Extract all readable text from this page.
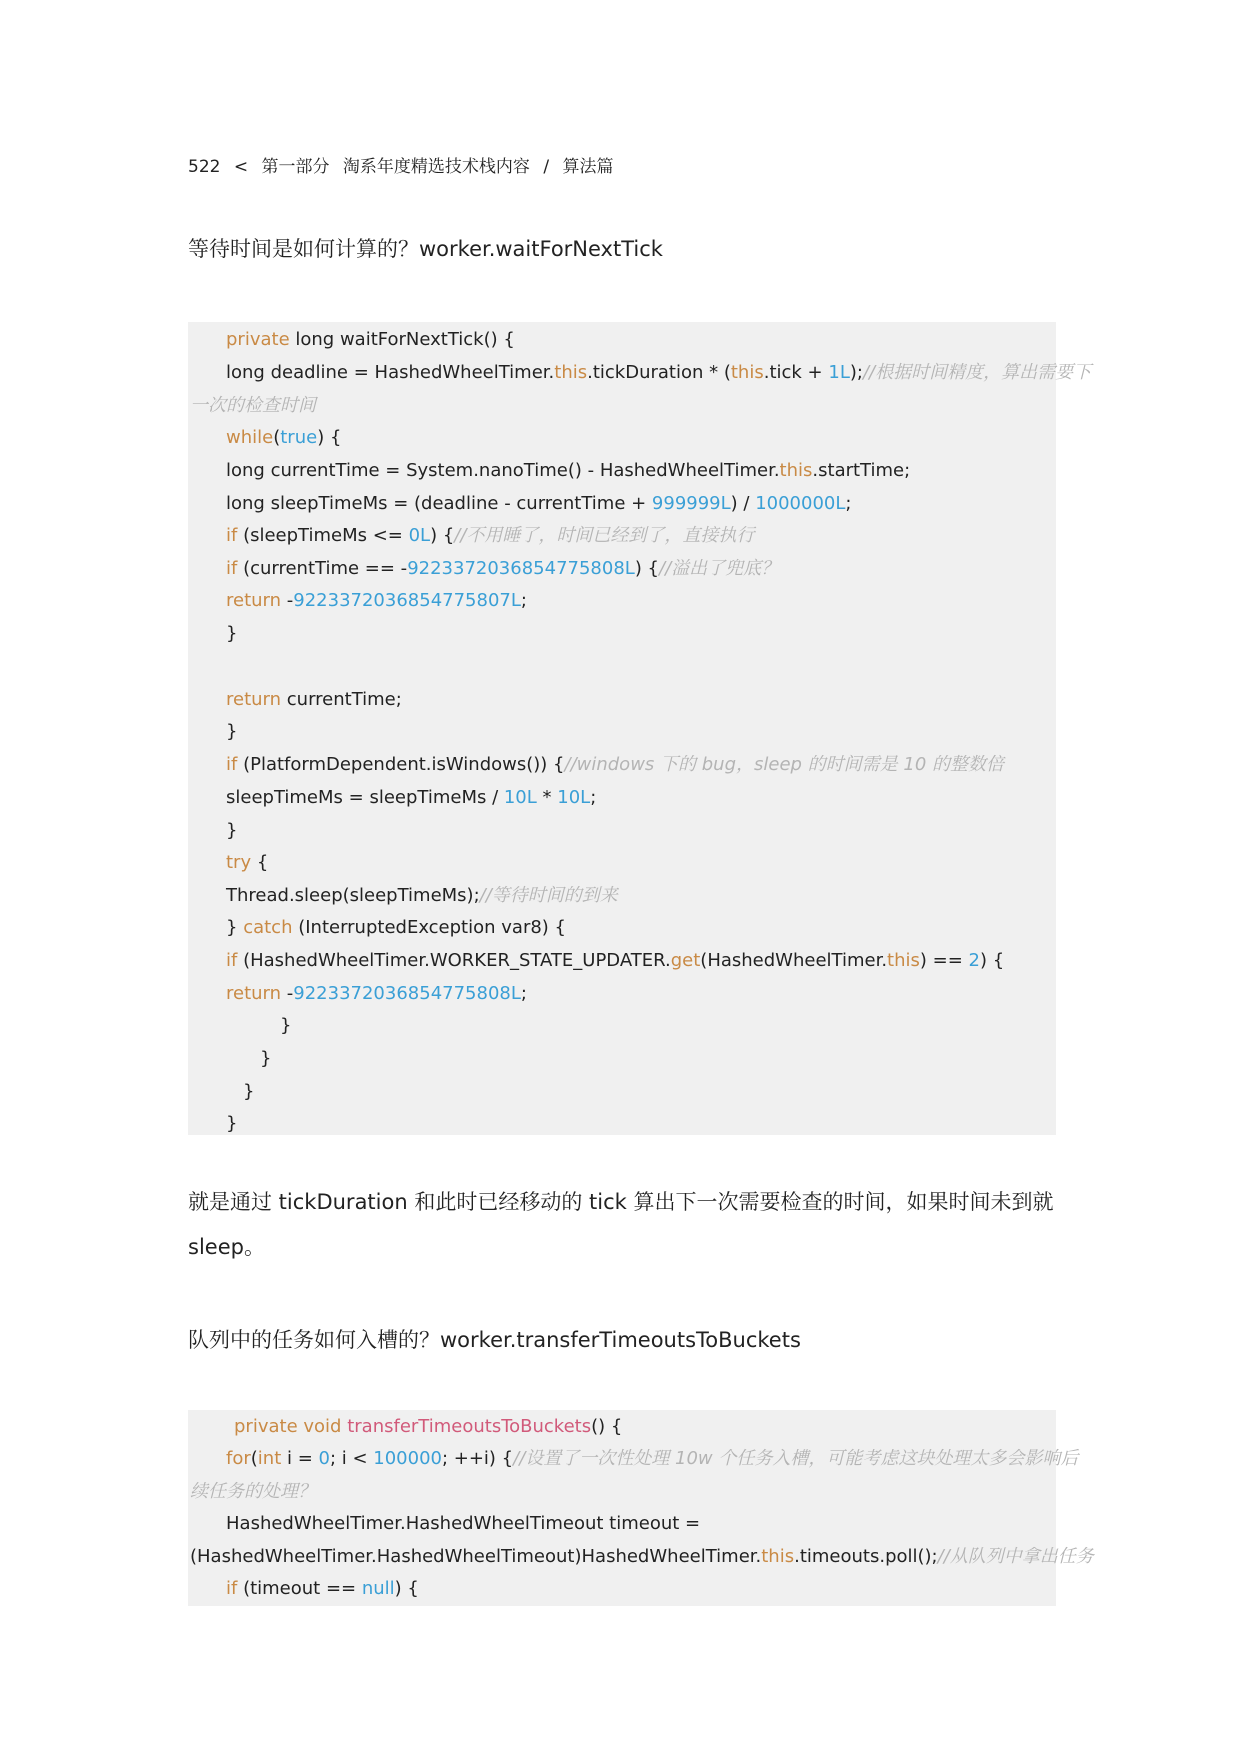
522 < 第一部分 淘系年度精选技术栈内容 / 算法篇
等待时间是如何计算的？worker.waitForNextTick
private long waitForNextTick() {
long deadline = HashedWheelTimer.this.tickDuration * (this.tick + 1L);//根据时间精度，算出需要下
一次的检查时间
while(true) {
long currentTime = System.nanoTime() - HashedWheelTimer.this.startTime;
long sleepTimeMs = (deadline - currentTime + 999999L) / 1000000L;
if (sleepTimeMs <= 0L) {//不用睡了，时间已经到了，直接执行
if (currentTime == -9223372036854775808L) {//溢出了兜底？
return -9223372036854775807L;
}
return currentTime;
}
if (PlatformDependent.isWindows()) {//windows 下的 bug，sleep 的时间需是 10 的整数倍
sleepTimeMs = sleepTimeMs / 10L * 10L;
}
try {
Thread.sleep(sleepTimeMs);//等待时间的到来
} catch (InterruptedException var8) {
if (HashedWheelTimer.WORKER_STATE_UPDATER.get(HashedWheelTimer.this) == 2) {
return -9223372036854775808L;
}
}
}
}
就是通过 tickDuration 和此时已经移动的 tick 算出下一次需要检查的时间，如果时间未到就
sleep。
队列中的任务如何入槽的？worker.transferTimeoutsToBuckets
private void transferTimeoutsToBuckets() {
for(int i = 0; i < 100000; ++i) {//设置了一次性处理 10w 个任务入槽，可能考虑这块处理太多会影响后
续任务的处理？
HashedWheelTimer.HashedWheelTimeout timeout =
(HashedWheelTimer.HashedWheelTimeout)HashedWheelTimer.this.timeouts.poll();//从队列中拿出任务
if (timeout == null) {
